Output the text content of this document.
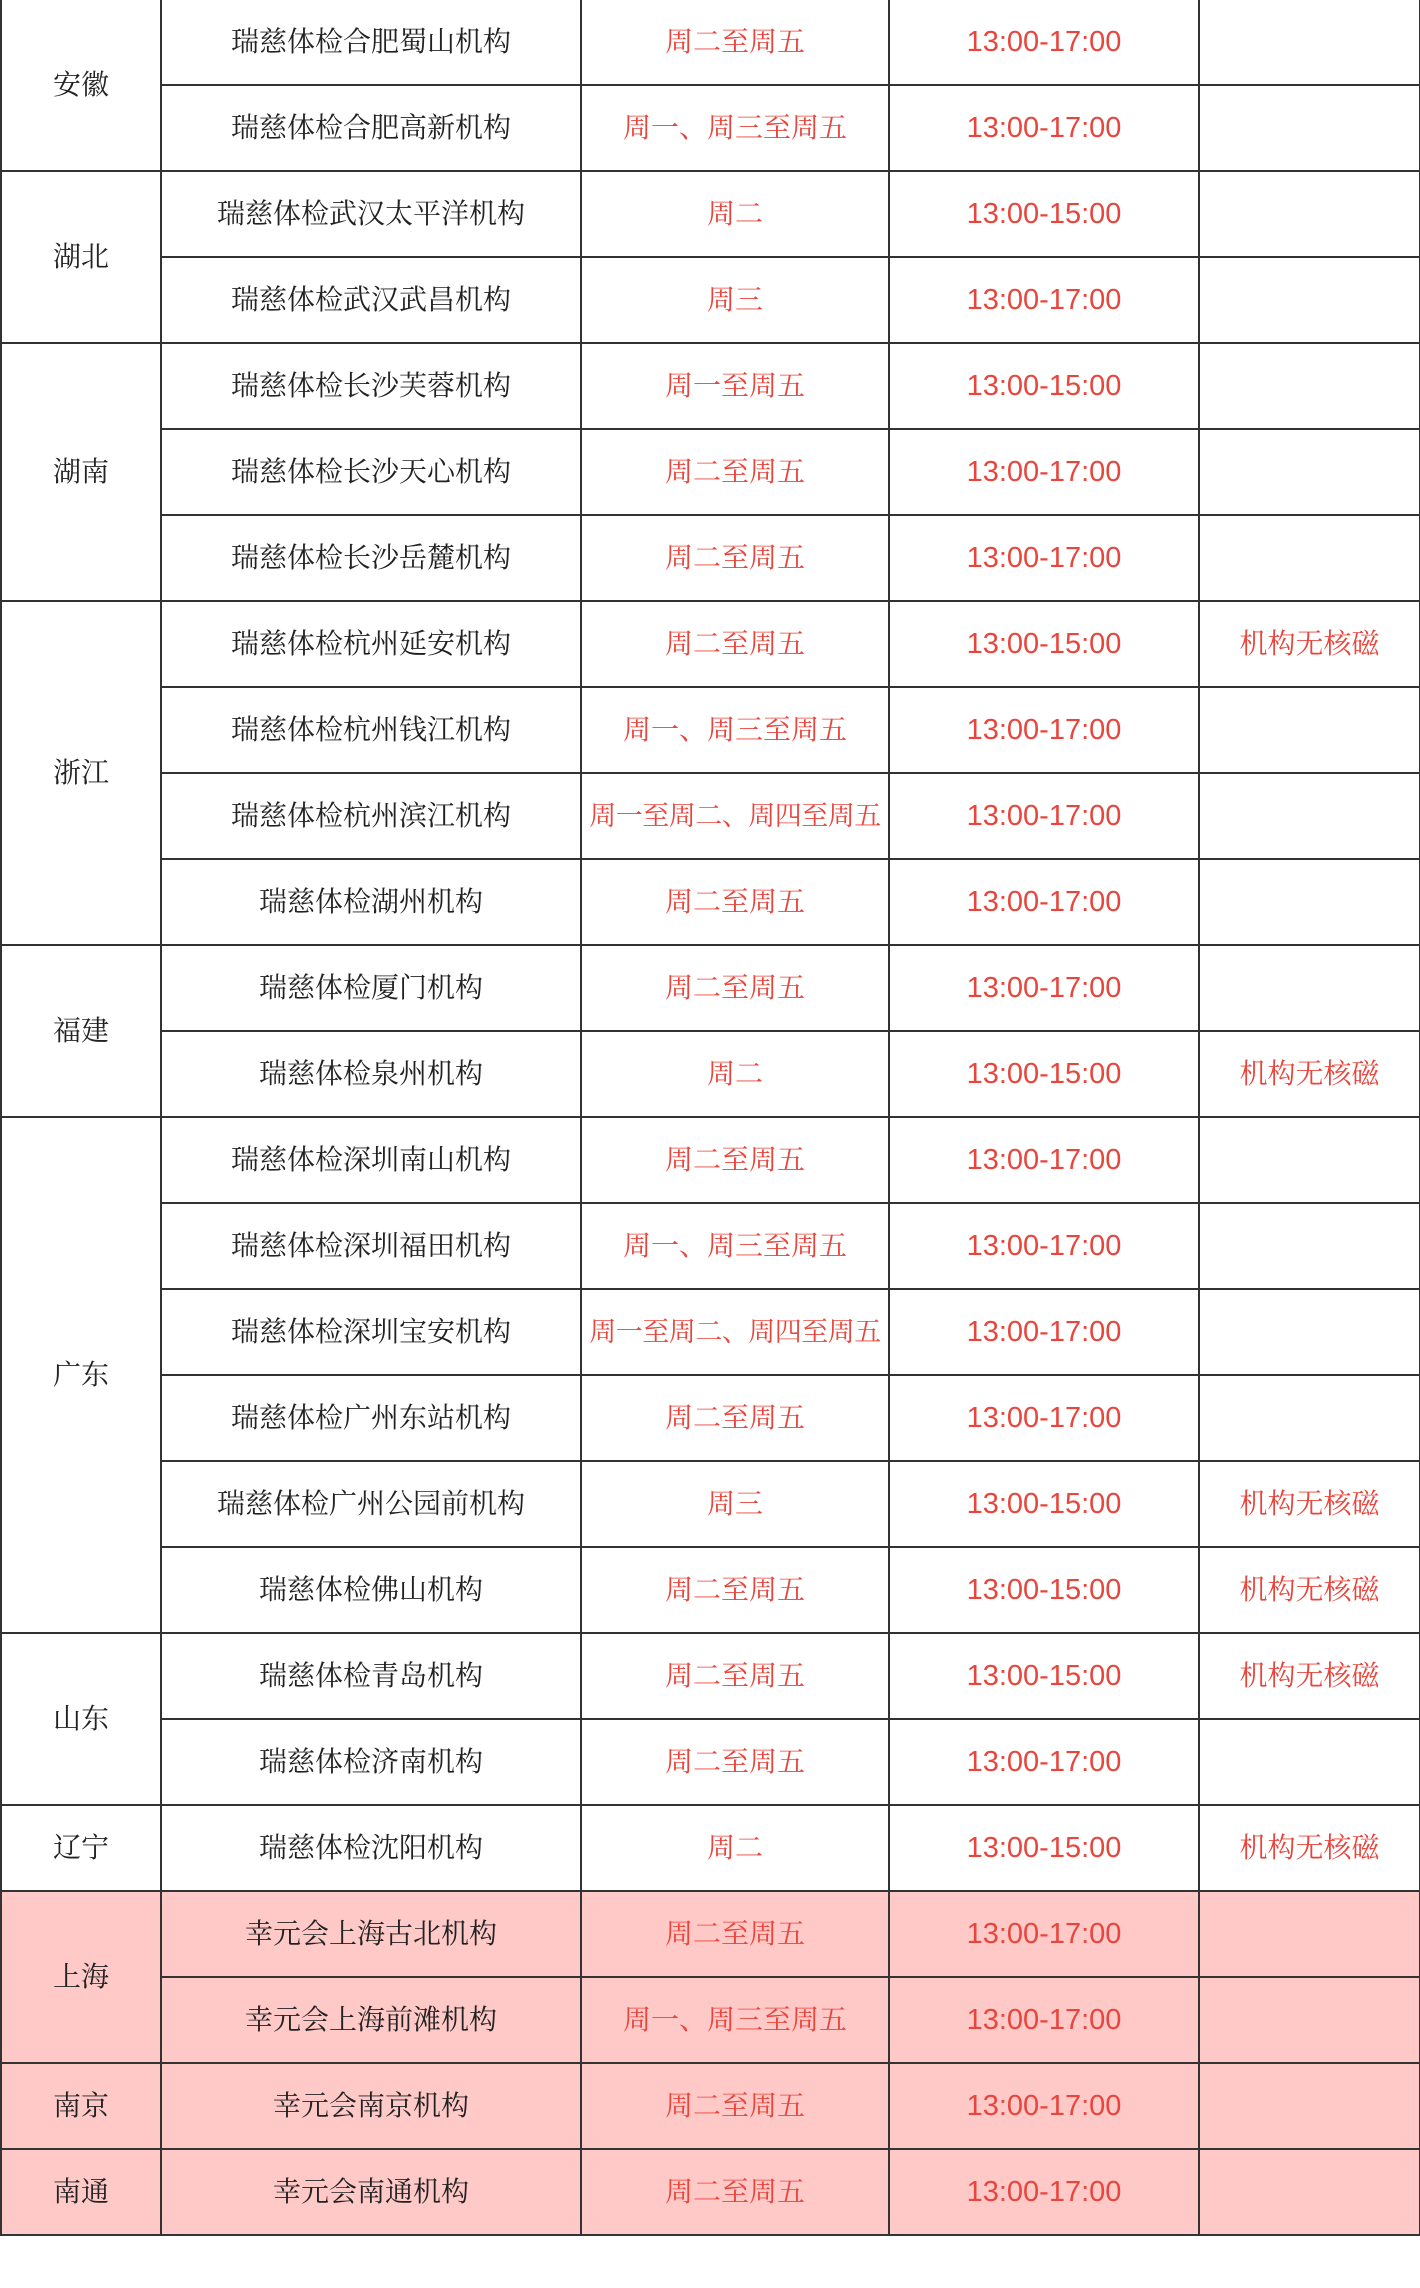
安徽	瑞慈体检合肥蜀山机构	周二至周五	13:00-17:00	
	瑞慈体检合肥高新机构	周一、周三至周五	13:00-17:00	
湖北	瑞慈体检武汉太平洋机构	周二	13:00-15:00	
	瑞慈体检武汉武昌机构	周三	13:00-17:00	
湖南	瑞慈体检长沙芙蓉机构	周一至周五	13:00-15:00	
	瑞慈体检长沙天心机构	周二至周五	13:00-17:00	
	瑞慈体检长沙岳麓机构	周二至周五	13:00-17:00	
浙江	瑞慈体检杭州延安机构	周二至周五	13:00-15:00	机构无核磁
	瑞慈体检杭州钱江机构	周一、周三至周五	13:00-17:00	
	瑞慈体检杭州滨江机构	周一至周二、周四至周五	13:00-17:00	
	瑞慈体检湖州机构	周二至周五	13:00-17:00	
福建	瑞慈体检厦门机构	周二至周五	13:00-17:00	
	瑞慈体检泉州机构	周二	13:00-15:00	机构无核磁
广东	瑞慈体检深圳南山机构	周二至周五	13:00-17:00	
	瑞慈体检深圳福田机构	周一、周三至周五	13:00-17:00	
	瑞慈体检深圳宝安机构	周一至周二、周四至周五	13:00-17:00	
	瑞慈体检广州东站机构	周二至周五	13:00-17:00	
	瑞慈体检广州公园前机构	周三	13:00-15:00	机构无核磁
	瑞慈体检佛山机构	周二至周五	13:00-15:00	机构无核磁
山东	瑞慈体检青岛机构	周二至周五	13:00-15:00	机构无核磁
	瑞慈体检济南机构	周二至周五	13:00-17:00	
辽宁	瑞慈体检沈阳机构	周二	13:00-15:00	机构无核磁
上海	幸元会上海古北机构	周二至周五	13:00-17:00	
	幸元会上海前滩机构	周一、周三至周五	13:00-17:00	
南京	幸元会南京机构	周二至周五	13:00-17:00	
南通	幸元会南通机构	周二至周五	13:00-17:00	
